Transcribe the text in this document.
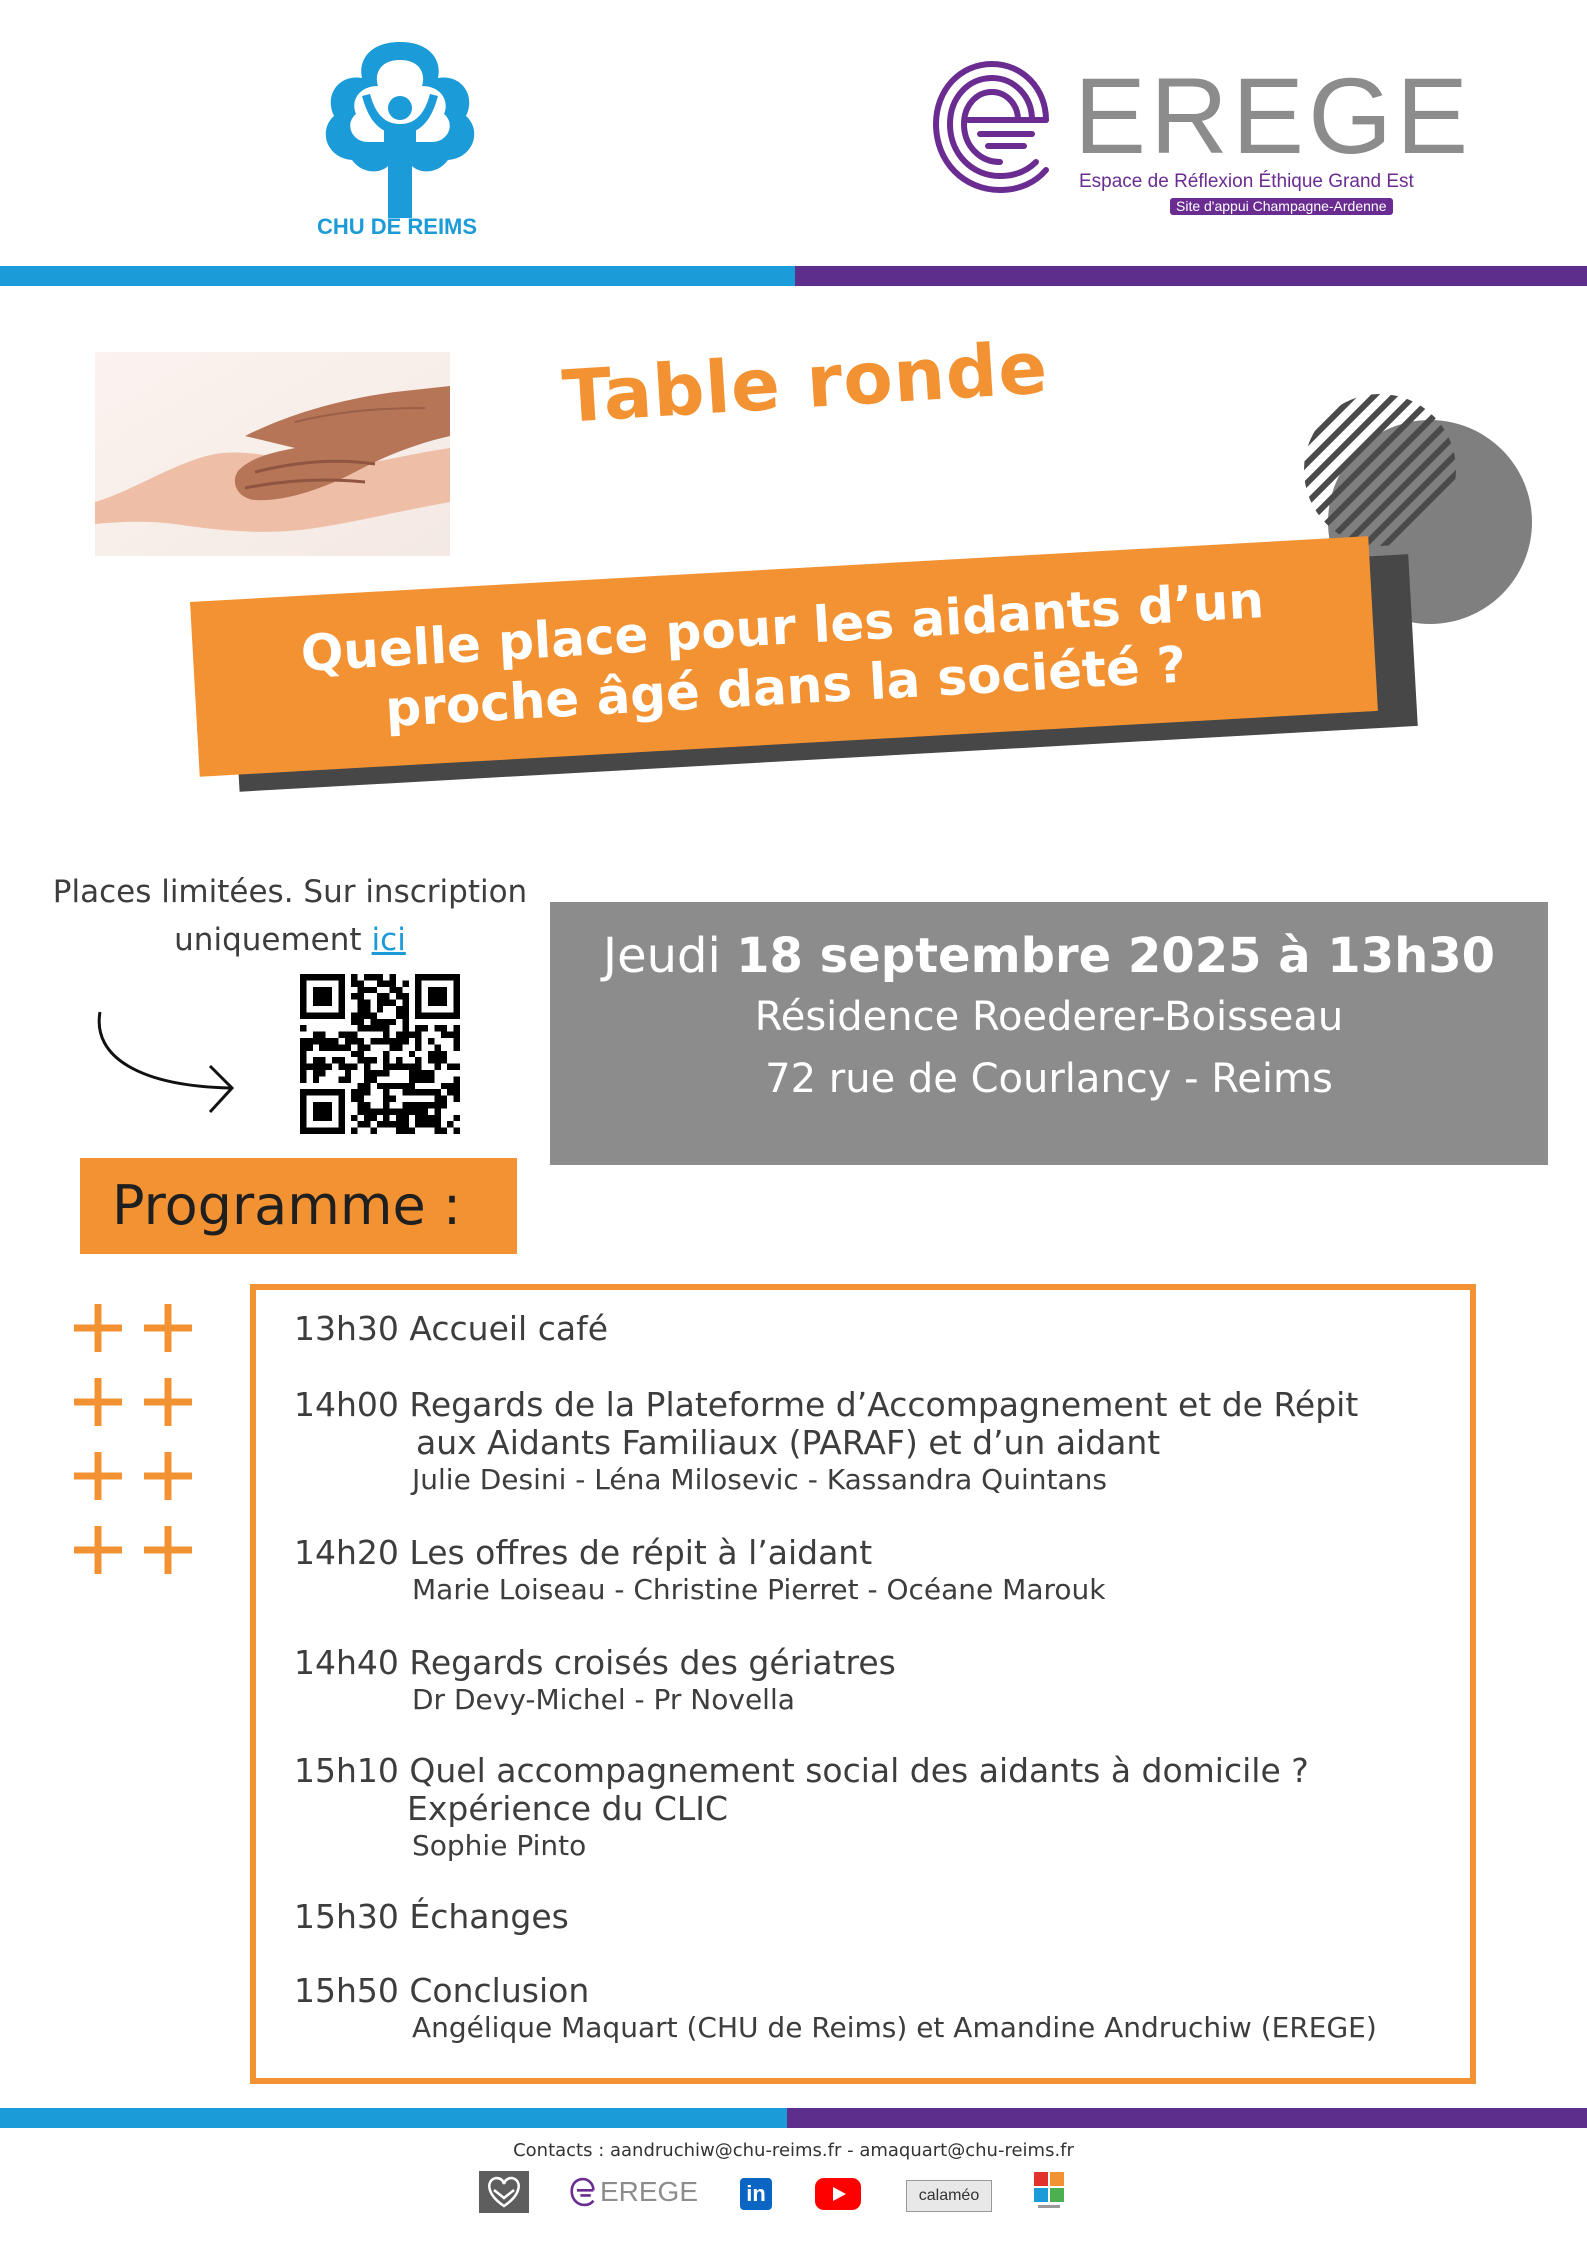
CHU DE REIMS
EREGE
Espace de Réflexion Éthique Grand Est
Site d'appui Champagne-Ardenne
Table ronde
Quelle place pour les aidants d’un proche âgé dans la société ?
Places limitées. Sur inscription uniquement ici	Jeudi 18 septembre 2025 à 13h30
Résidence Roederer-Boisseau
72 rue de Courlancy - Reims
Programme :
13h30 Accueil café
14h00 Regards de la Plateforme d’Accompagnement et de Répit
aux Aidants Familiaux (PARAF) et d’un aidant
Julie Desini - Léna Milosevic - Kassandra Quintans
14h20 Les offres de répit à l’aidant
Marie Loiseau - Christine Pierret - Océane Marouk
14h40 Regards croisés des gériatres
Dr Devy-Michel - Pr Novella
15h10 Quel accompagnement social des aidants à domicile ?
Expérience du CLIC
Sophie Pinto
15h30 Échanges
15h50 Conclusion
Angélique Maquart (CHU de Reims) et Amandine Andruchiw (EREGE)
Contacts : aandruchiw@chu-reims.fr - amaquart@chu-reims.fr
EREGE in	calaméo
